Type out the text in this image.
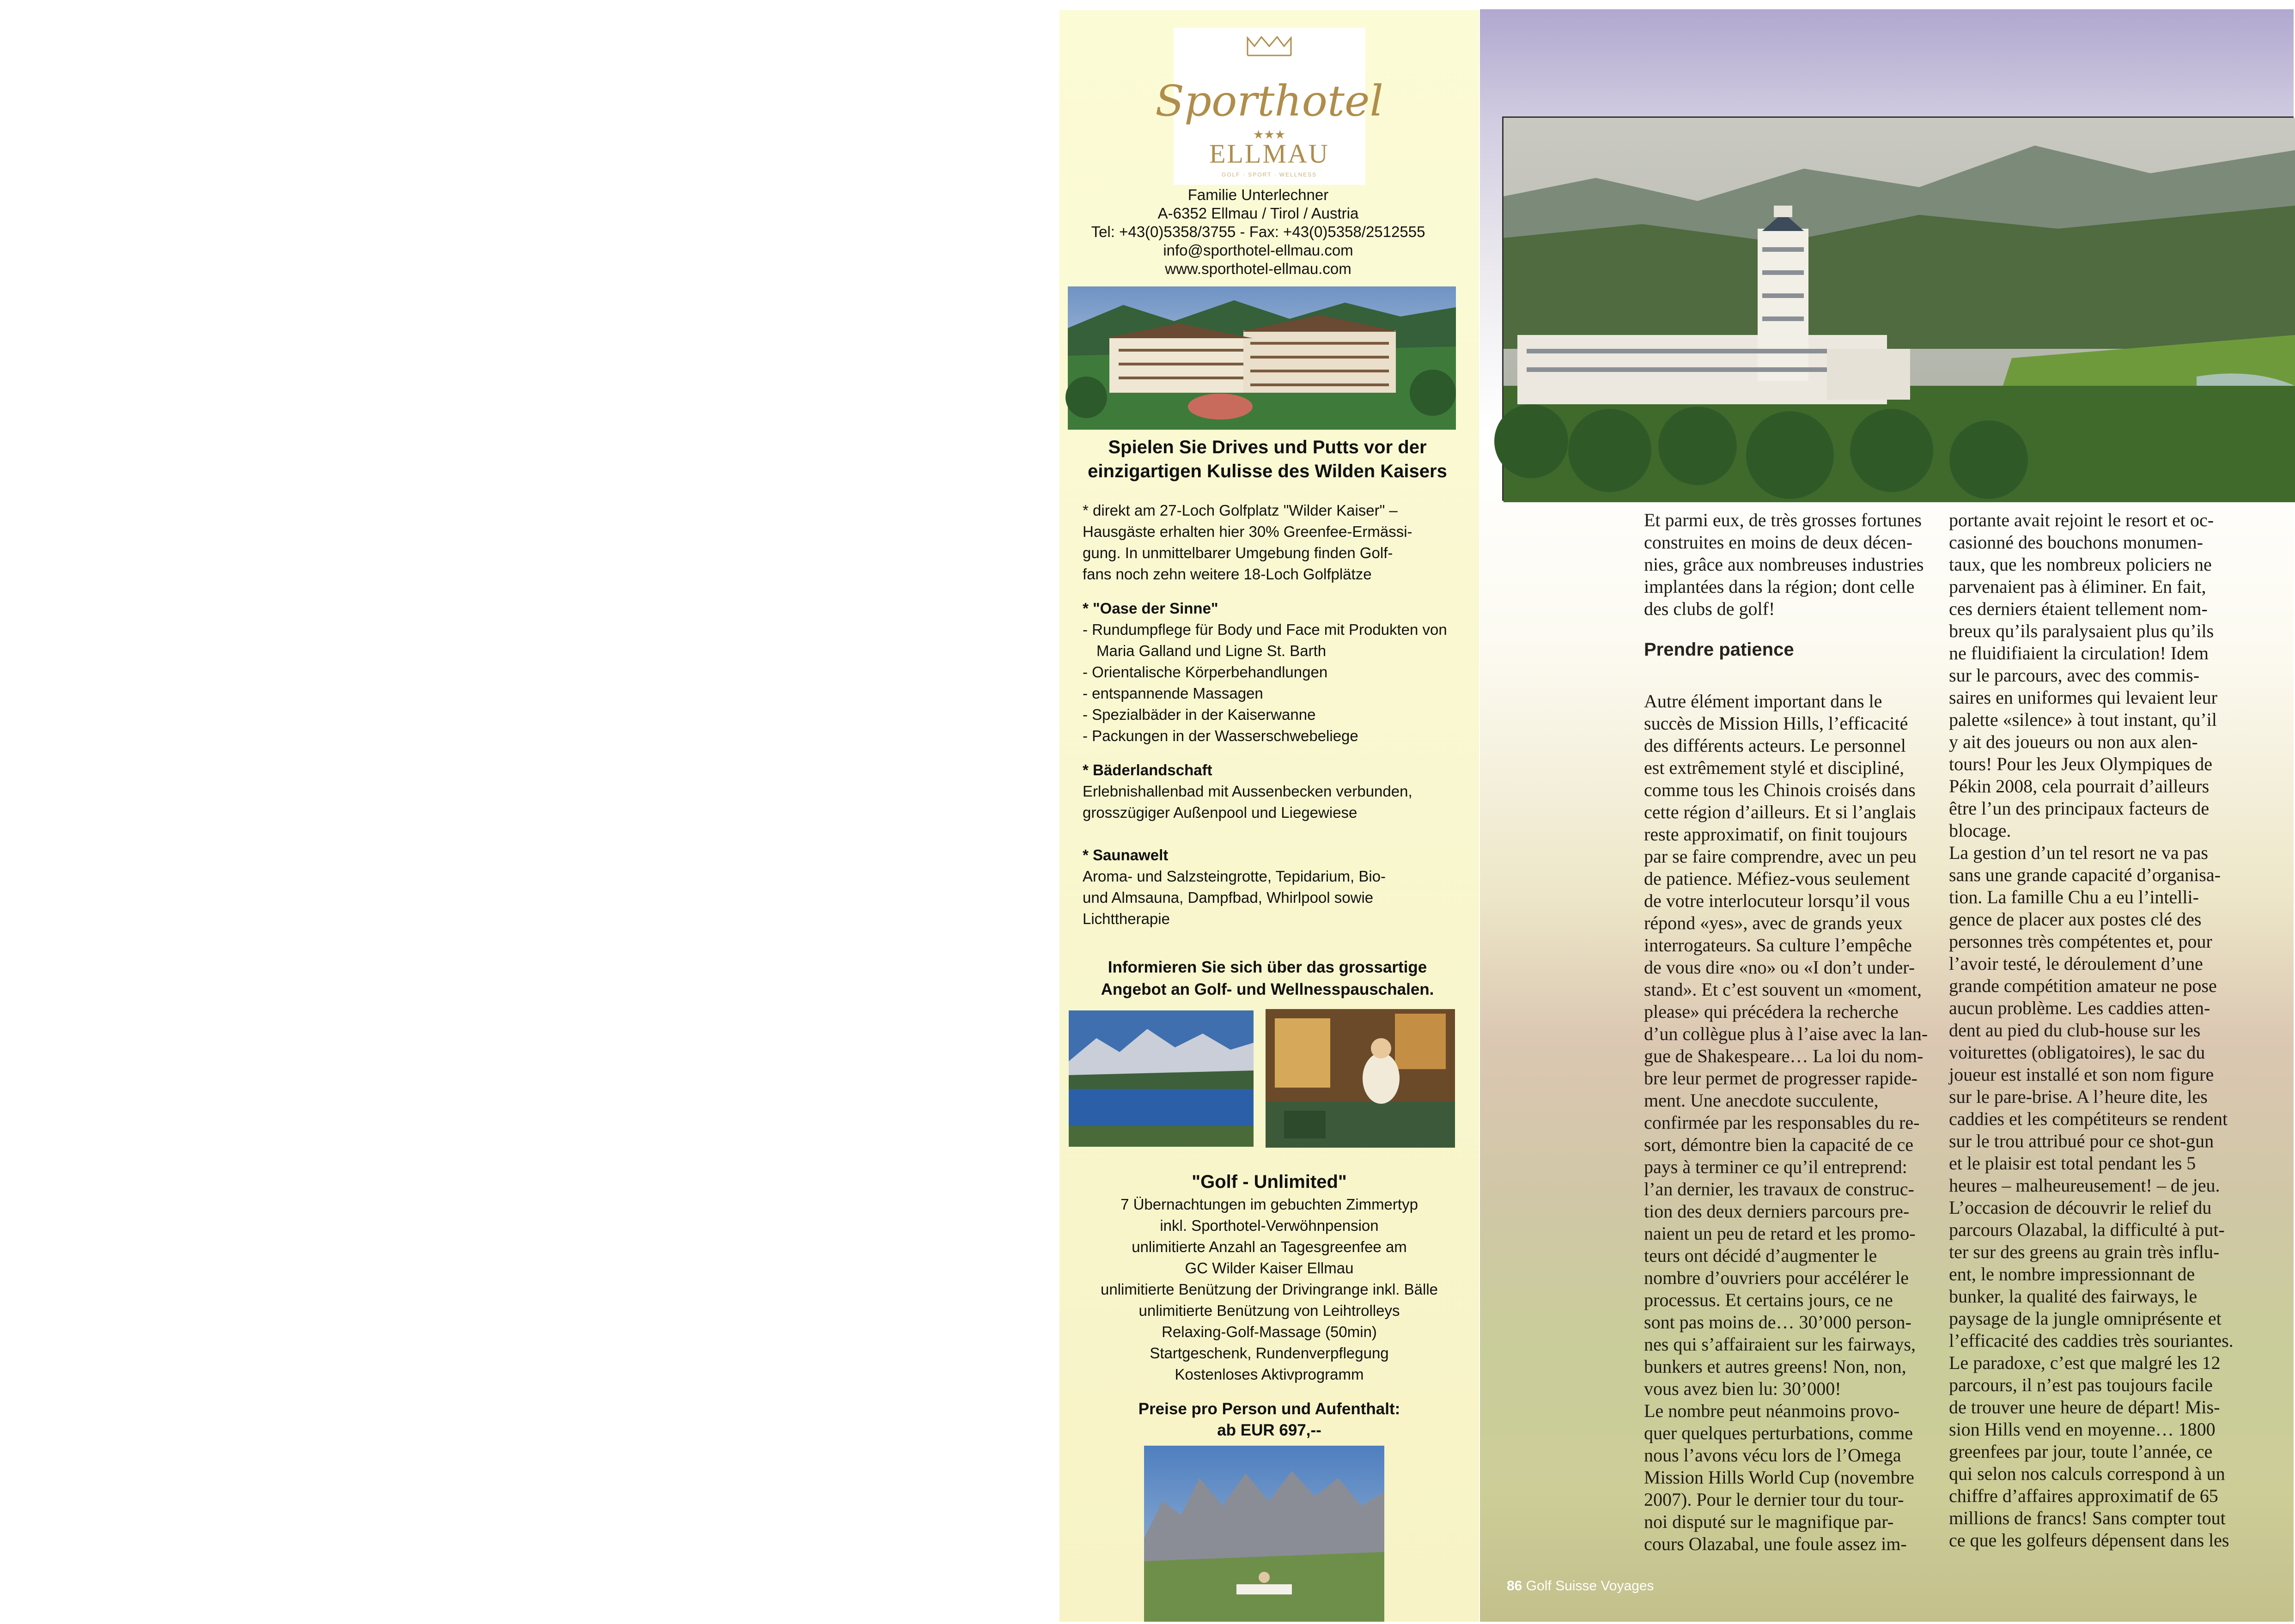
Sporthotel
★★★
ELLMAU
GOLF · SPORT · WELLNESS
Familie Unterlechner
A-6352 Ellmau / Tirol / Austria
Tel: +43(0)5358/3755 - Fax: +43(0)5358/2512555
info@sporthotel-ellmau.com
www.sporthotel-ellmau.com
Spielen Sie Drives und Putts vor der
einzigartigen Kulisse des Wilden Kaisers
* direkt am 27-Loch Golfplatz "Wilder Kaiser" –
Hausgäste erhalten hier 30% Greenfee-Ermässi-
gung. In unmittelbarer Umgebung finden Golf-
fans noch zehn weitere 18-Loch Golfplätze
* "Oase der Sinne"
- Rundumpflege für Body und Face mit Produkten von Maria Galland und Ligne St. Barth
- Orientalische Körperbehandlungen
- entspannende Massagen
- Spezialbäder in der Kaiserwanne
- Packungen in der Wasserschwebeliege
* Bäderlandschaft
Erlebnishallenbad mit Aussenbecken verbunden,
grosszügiger Außenpool und Liegewiese
* Saunawelt
Aroma- und Salzsteingrotte, Tepidarium, Bio-
und Almsauna, Dampfbad, Whirlpool sowie
Lichttherapie
Informieren Sie sich über das grossartige
Angebot an Golf- und Wellnesspauschalen.
"Golf - Unlimited"
7 Übernachtungen im gebuchten Zimmertyp
inkl. Sporthotel-Verwöhnpension
unlimitierte Anzahl an Tagesgreenfee am
GC Wilder Kaiser Ellmau
unlimitierte Benützung der Drivingrange inkl. Bälle
unlimitierte Benützung von Leihtrolleys
Relaxing-Golf-Massage (50min)
Startgeschenk, Rundenverpflegung
Kostenloses Aktivprogramm
Preise pro Person und Aufenthalt:
ab EUR 697,--

Et parmi eux, de très grosses fortunes

construites en moins de deux décen-

nies, grâce aux nombreuses industries

implantées dans la région; dont celle

des clubs de golf!

Prendre patience

Autre élément important dans le

succès de Mission Hills, l’efficacité

des différents acteurs. Le personnel

est extrêmement stylé et discipliné,

comme tous les Chinois croisés dans

cette région d’ailleurs. Et si l’anglais

reste approximatif, on finit toujours

par se faire comprendre, avec un peu

de patience. Méfiez-vous seulement

de votre interlocuteur lorsqu’il vous

répond «yes», avec de grands yeux

interrogateurs. Sa culture l’empêche

de vous dire «no» ou «I don’t under-

stand». Et c’est souvent un «moment,

please» qui précédera la recherche

d’un collègue plus à l’aise avec la lan-

gue de Shakespeare… La loi du nom-

bre leur permet de progresser rapide-

ment. Une anecdote succulente,

confirmée par les responsables du re-

sort, démontre bien la capacité de ce

pays à terminer ce qu’il entreprend:

l’an dernier, les travaux de construc-

tion des deux derniers parcours pre-

naient un peu de retard et les promo-

teurs ont décidé d’augmenter le

nombre d’ouvriers pour accélérer le

processus. Et certains jours, ce ne

sont pas moins de… 30’000 person-

nes qui s’affairaient sur les fairways,

bunkers et autres greens! Non, non,

vous avez bien lu: 30’000!

Le nombre peut néanmoins provo-

quer quelques perturbations, comme

nous l’avons vécu lors de l’Omega

Mission Hills World Cup (novembre

2007). Pour le dernier tour du tour-

noi disputé sur le magnifique par-

cours Olazabal, une foule assez im-

portante avait rejoint le resort et oc-

casionné des bouchons monumen-

taux, que les nombreux policiers ne

parvenaient pas à éliminer. En fait,

ces derniers étaient tellement nom-

breux qu’ils paralysaient plus qu’ils

ne fluidifiaient la circulation! Idem

sur le parcours, avec des commis-

saires en uniformes qui levaient leur

palette «silence» à tout instant, qu’il

y ait des joueurs ou non aux alen-

tours! Pour les Jeux Olympiques de

Pékin 2008, cela pourrait d’ailleurs

être l’un des principaux facteurs de

blocage.

La gestion d’un tel resort ne va pas

sans une grande capacité d’organisa-

tion. La famille Chu a eu l’intelli-

gence de placer aux postes clé des

personnes très compétentes et, pour

l’avoir testé, le déroulement d’une

grande compétition amateur ne pose

aucun problème. Les caddies atten-

dent au pied du club-house sur les

voiturettes (obligatoires), le sac du

joueur est installé et son nom figure

sur le pare-brise. A l’heure dite, les

caddies et les compétiteurs se rendent

sur le trou attribué pour ce shot-gun

et le plaisir est total pendant les 5

heures – malheureusement! – de jeu.

L’occasion de découvrir le relief du

parcours Olazabal, la difficulté à put-

ter sur des greens au grain très influ-

ent, le nombre impressionnant de

bunker, la qualité des fairways, le

paysage de la jungle omniprésente et

l’efficacité des caddies très souriantes.

Le paradoxe, c’est que malgré les 12

parcours, il n’est pas toujours facile

de trouver une heure de départ! Mis-

sion Hills vend en moyenne… 1800

greenfees par jour, toute l’année, ce

qui selon nos calculs correspond à un

chiffre d’affaires approximatif de 65

millions de francs! Sans compter tout

ce que les golfeurs dépensent dans les

86 Golf Suisse Voyages
